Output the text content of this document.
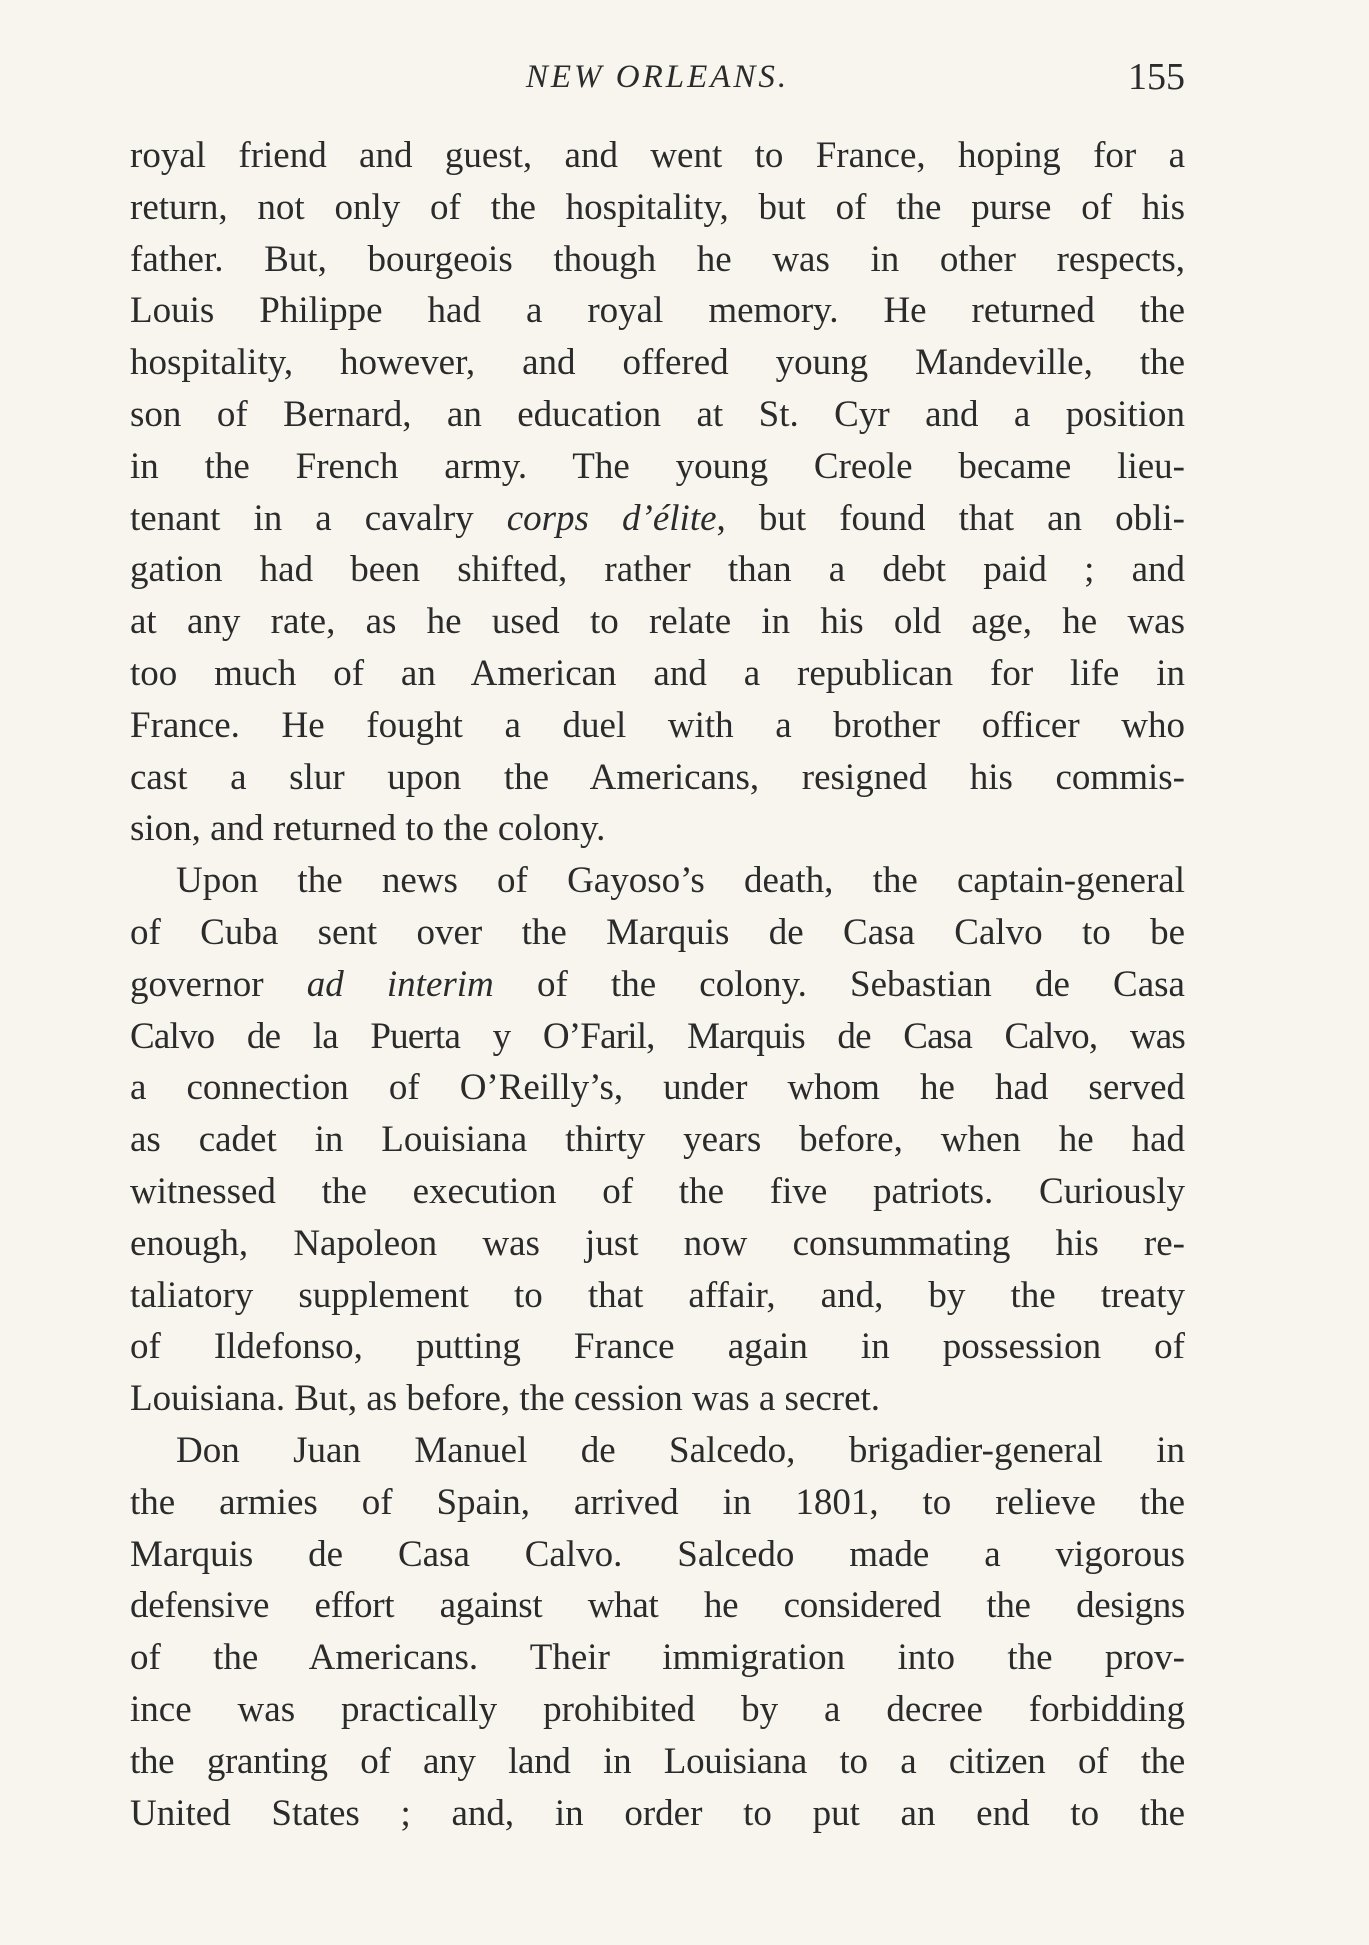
NEW ORLEANS.	155
royal friend and guest, and went to France, hoping for a
return, not only of the hospitality, but of the purse of his
father. But, bourgeois though he was in other respects,
Louis Philippe had a royal memory. He returned the
hospitality, however, and offered young Mandeville, the
son of Bernard, an education at St. Cyr and a position
in the French army. The young Creole became lieu-
tenant in a cavalry corps d’élite, but found that an obli-
gation had been shifted, rather than a debt paid ; and
at any rate, as he used to relate in his old age, he was
too much of an American and a republican for life in
France. He fought a duel with a brother officer who
cast a slur upon the Americans, resigned his commis-
sion, and returned to the colony.
Upon the news of Gayoso’s death, the captain-general
of Cuba sent over the Marquis de Casa Calvo to be
governor ad interim of the colony. Sebastian de Casa
Calvo de la Puerta y O’Faril, Marquis de Casa Calvo, was
a connection of O’Reilly’s, under whom he had served
as cadet in Louisiana thirty years before, when he had
witnessed the execution of the five patriots. Curiously
enough, Napoleon was just now consummating his re-
taliatory supplement to that affair, and, by the treaty
of Ildefonso, putting France again in possession of
Louisiana. But, as before, the cession was a secret.
Don Juan Manuel de Salcedo, brigadier-general in
the armies of Spain, arrived in 1801, to relieve the
Marquis de Casa Calvo. Salcedo made a vigorous
defensive effort against what he considered the designs
of the Americans. Their immigration into the prov-
ince was practically prohibited by a decree forbidding
the granting of any land in Louisiana to a citizen of the
United States ; and, in order to put an end to the
